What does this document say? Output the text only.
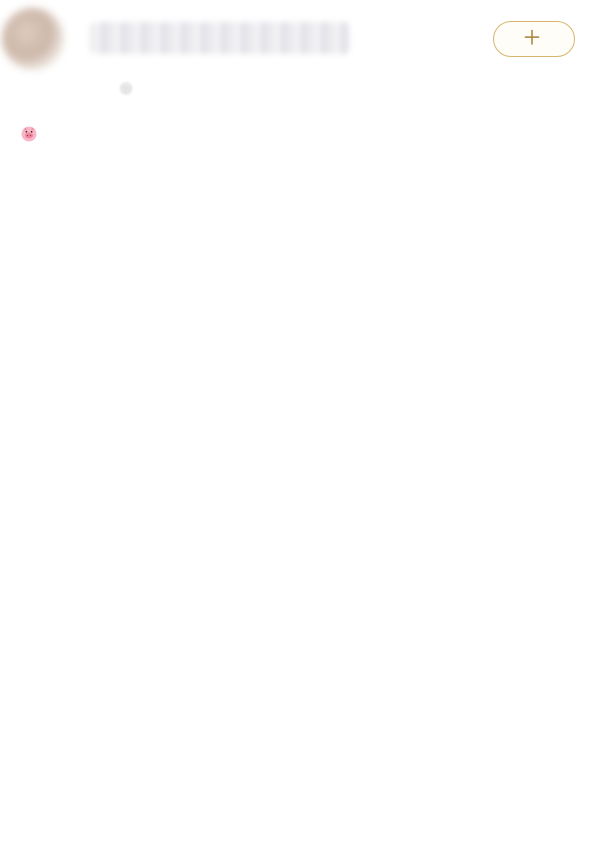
◎
＋
